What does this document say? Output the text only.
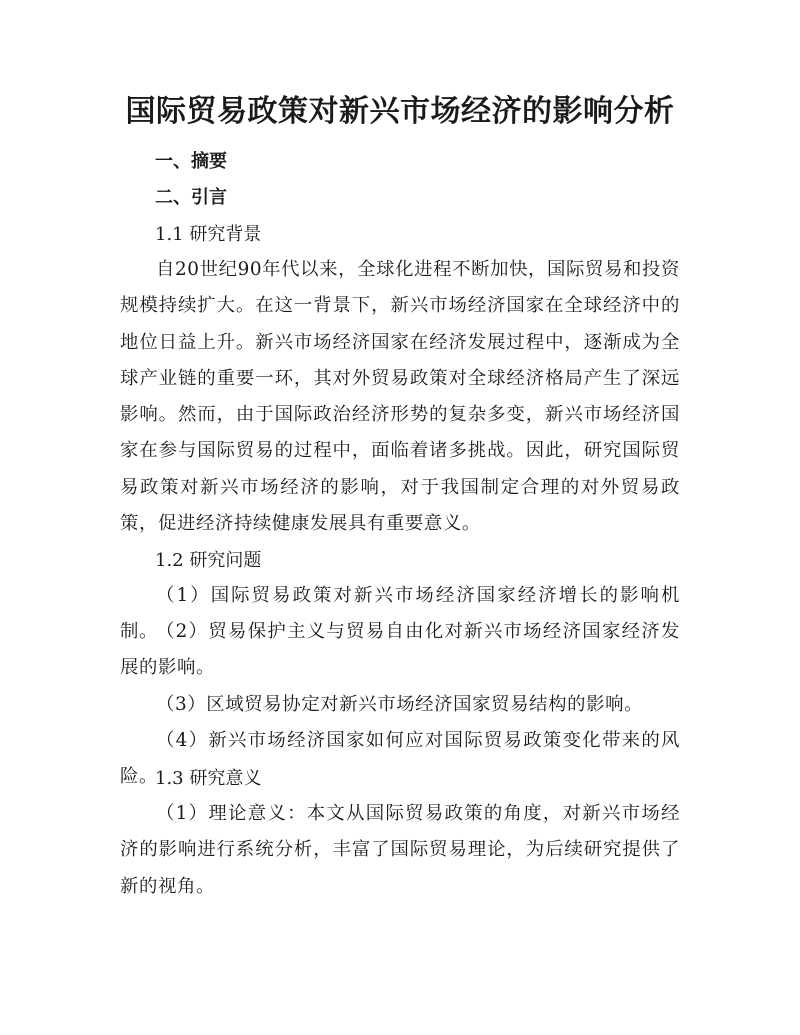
国际贸易政策对新兴市场经济的影响分析
一、摘要
二、引言
1.1 研究背景
自20世纪90年代以来，全球化进程不断加快，国际贸易和投资规模持续扩大。在这一背景下，新兴市场经济国家在全球经济中的地位日益上升。新兴市场经济国家在经济发展过程中，逐渐成为全球产业链的重要一环，其对外贸易政策对全球经济格局产生了深远影响。然而，由于国际政治经济形势的复杂多变，新兴市场经济国家在参与国际贸易的过程中，面临着诸多挑战。因此，研究国际贸易政策对新兴市场经济的影响，对于我国制定合理的对外贸易政策，促进经济持续健康发展具有重要意义。
1.2 研究问题
（1）国际贸易政策对新兴市场经济国家经济增长的影响机制。
（2）贸易保护主义与贸易自由化对新兴市场经济国家经济发展的影响。
（3）区域贸易协定对新兴市场经济国家贸易结构的影响。
（4）新兴市场经济国家如何应对国际贸易政策变化带来的风险。
1.3 研究意义
（1）理论意义：本文从国际贸易政策的角度，对新兴市场经济的影响进行系统分析，丰富了国际贸易理论，为后续研究提供了新的视角。
